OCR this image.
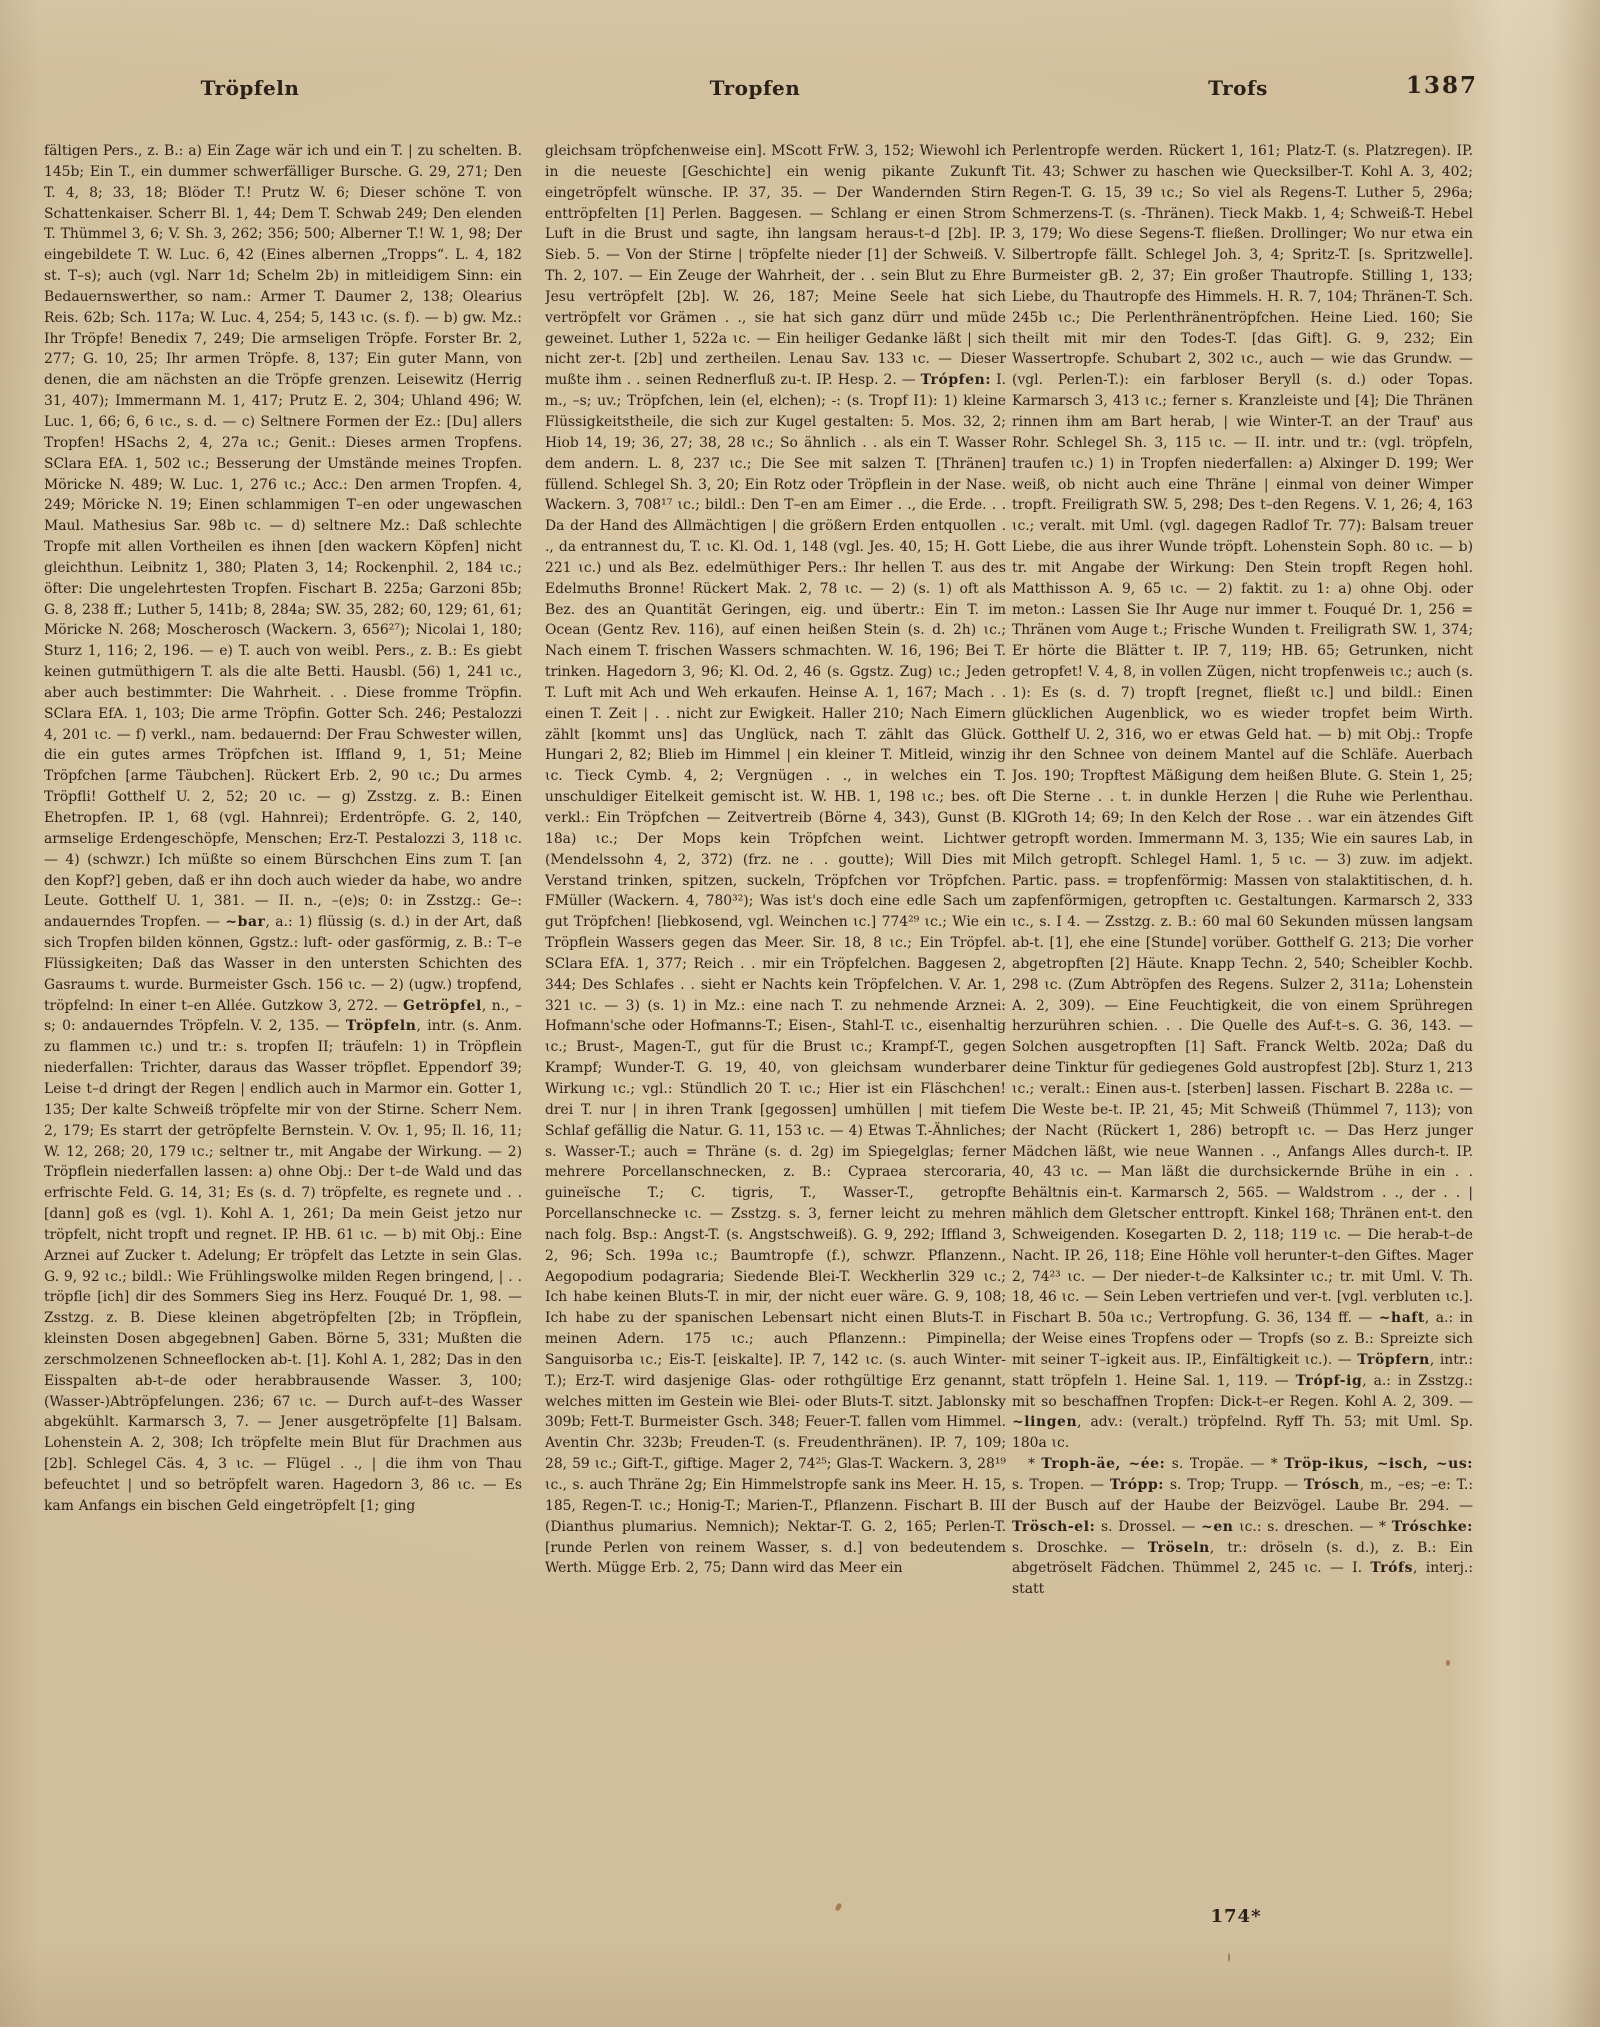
Tröpfeln	Tropfen	Trofs	1387

fältigen Pers., z. B.: a) Ein Zage wär ich und ein T. | zu schelten. B. 145b; Ein T., ein dummer schwerfälliger Bursche. G. 29, 271; Den T. 4, 8; 33, 18; Blöder T.! Prutz W. 6; Dieser schöne T. von Schattenkaiser. Scherr Bl. 1, 44; Dem T. Schwab 249; Den elenden T. Thümmel 3, 6; V. Sh. 3, 262; 356; 500; Alberner T.! W. 1, 98; Der eingebildete T. W. Luc. 6, 42 (Eines albernen „Tropps“. L. 4, 182 st. T–s); auch (vgl. Narr 1d; Schelm 2b) in mitleidigem Sinn: ein Bedauernswerther, so nam.: Armer T. Daumer 2, 138; Olearius Reis. 62b; Sch. 117a; W. Luc. 4, 254; 5, 143 ɩc. (s. f). — b) gw. Mz.: Ihr Tröpfe! Benedix 7, 249; Die armseligen Tröpfe. Forster Br. 2, 277; G. 10, 25; Ihr armen Tröpfe. 8, 137; Ein guter Mann, von denen, die am nächsten an die Tröpfe grenzen. Leisewitz (Herrig 31, 407); Immermann M. 1, 417; Prutz E. 2, 304; Uhland 496; W. Luc. 1, 66; 6, 6 ɩc., s. d. — c) Seltnere Formen der Ez.: [Du] allers Tropfen! HSachs 2, 4, 27a ɩc.; Genit.: Dieses armen Tropfens. SClara EfA. 1, 502 ɩc.; Besserung der Umstände meines Tropfen. Möricke N. 489; W. Luc. 1, 276 ɩc.; Acc.: Den armen Tropfen. 4, 249; Möricke N. 19; Einen schlammigen T–en oder ungewaschen Maul. Mathesius Sar. 98b ɩc. — d) seltnere Mz.: Daß schlechte Tropfe mit allen Vortheilen es ihnen [den wackern Köpfen] nicht gleichthun. Leibnitz 1, 380; Platen 3, 14; Rockenphil. 2, 184 ɩc.; öfter: Die ungelehrtesten Tropfen. Fischart B. 225a; Garzoni 85b; G. 8, 238 ff.; Luther 5, 141b; 8, 284a; SW. 35, 282; 60, 129; 61, 61; Möricke N. 268; Moscherosch (Wackern. 3, 656²⁷); Nicolai 1, 180; Sturz 1, 116; 2, 196. — e) T. auch von weibl. Pers., z. B.: Es giebt keinen gutmüthigern T. als die alte Betti. Hausbl. (56) 1, 241 ɩc., aber auch bestimmter: Die Wahrheit. . . Diese fromme Tröpfin. SClara EfA. 1, 103; Die arme Tröpfin. Gotter Sch. 246; Pestalozzi 4, 201 ɩc. — f) verkl., nam. bedauernd: Der Frau Schwester willen, die ein gutes armes Tröpfchen ist. Iffland 9, 1, 51; Meine Tröpfchen [arme Täubchen]. Rückert Erb. 2, 90 ɩc.; Du armes Tröpfli! Gotthelf U. 2, 52; 20 ɩc. — g) Zsstzg. z. B.: Einen Ehetropfen. IP. 1, 68 (vgl. Hahnrei); Erdentröpfe. G. 2, 140, armselige Erdengeschöpfe, Menschen; Erz-T. Pestalozzi 3, 118 ɩc. — 4) (schwzr.) Ich müßte so einem Bürschchen Eins zum T. [an den Kopf?] geben, daß er ihn doch auch wieder da habe, wo andre Leute. Gotthelf U. 1, 381. — II. n., –(e)s; 0: in Zsstzg.: Ge–: andauerndes Tropfen. — ~bar, a.: 1) flüssig (s. d.) in der Art, daß sich Tropfen bilden können, Ggstz.: luft- oder gasförmig, z. B.: T–e Flüssigkeiten; Daß das Wasser in den untersten Schichten des Gasraums t. wurde. Burmeister Gsch. 156 ɩc. — 2) (ugw.) tropfend, tröpfelnd: In einer t–en Allée. Gutzkow 3, 272. — Getröpfel, n., –s; 0: andauerndes Tröpfeln. V. 2, 135. — Tröpfeln, intr. (s. Anm. zu flammen ɩc.) und tr.: s. tropfen II; träufeln: 1) in Tröpflein niederfallen: Trichter, daraus das Wasser tröpflet. Eppendorf 39; Leise t–d dringt der Regen | endlich auch in Marmor ein. Gotter 1, 135; Der kalte Schweiß tröpfelte mir von der Stirne. Scherr Nem. 2, 179; Es starrt der getröpfelte Bernstein. V. Ov. 1, 95; Il. 16, 11; W. 12, 268; 20, 179 ɩc.; seltner tr., mit Angabe der Wirkung. — 2) Tröpflein niederfallen lassen: a) ohne Obj.: Der t–de Wald und das erfrischte Feld. G. 14, 31; Es (s. d. 7) tröpfelte, es regnete und . . [dann] goß es (vgl. 1). Kohl A. 1, 261; Da mein Geist jetzo nur tröpfelt, nicht tropft und regnet. IP. HB. 61 ɩc. — b) mit Obj.: Eine Arznei auf Zucker t. Adelung; Er tröpfelt das Letzte in sein Glas. G. 9, 92 ɩc.; bildl.: Wie Frühlingswolke milden Regen bringend, | . . tröpfle [ich] dir des Sommers Sieg ins Herz. Fouqué Dr. 1, 98. — Zsstzg. z. B. Diese kleinen abgetröpfelten [2b; in Tröpflein, kleinsten Dosen abgegebnen] Gaben. Börne 5, 331; Mußten die zerschmolzenen Schneeflocken ab-t. [1]. Kohl A. 1, 282; Das in den Eisspalten ab-t–de oder herabbrausende Wasser. 3, 100; (Wasser-)Abtröpfelungen. 236; 67 ɩc. — Durch auf-t–des Wasser abgekühlt. Karmarsch 3, 7. — Jener ausgetröpfelte [1] Balsam. Lohenstein A. 2, 308; Ich tröpfelte mein Blut für Drachmen aus [2b]. Schlegel Cäs. 4, 3 ɩc. — Flügel . ., | die ihm von Thau befeuchtet | und so betröpfelt waren. Hagedorn 3, 86 ɩc. — Es kam Anfangs ein bischen Geld eingetröpfelt [1; ging

gleichsam tröpfchenweise ein]. MScott FrW. 3, 152; Wiewohl ich in die neueste [Geschichte] ein wenig pikante Zukunft eingetröpfelt wünsche. IP. 37, 35. — Der Wandernden Stirn enttröpfelten [1] Perlen. Baggesen. — Schlang er einen Strom Luft in die Brust und sagte, ihn langsam heraus-t–d [2b]. IP. Sieb. 5. — Von der Stirne | tröpfelte nieder [1] der Schweiß. V. Th. 2, 107. — Ein Zeuge der Wahrheit, der . . sein Blut zu Ehre Jesu vertröpfelt [2b]. W. 26, 187; Meine Seele hat sich vertröpfelt vor Grämen . ., sie hat sich ganz dürr und müde geweinet. Luther 1, 522a ɩc. — Ein heiliger Gedanke läßt | sich nicht zer-t. [2b] und zertheilen. Lenau Sav. 133 ɩc. — Dieser mußte ihm . . seinen Rednerfluß zu-t. IP. Hesp. 2. — Trópfen: I. m., –s; uv.; Tröpfchen, lein (el, elchen); -: (s. Tropf I1): 1) kleine Flüssigkeitstheile, die sich zur Kugel gestalten: 5. Mos. 32, 2; Hiob 14, 19; 36, 27; 38, 28 ɩc.; So ähnlich . . als ein T. Wasser dem andern. L. 8, 237 ɩc.; Die See mit salzen T. [Thränen] füllend. Schlegel Sh. 3, 20; Ein Rotz oder Tröpflein in der Nase. Wackern. 3, 708¹⁷ ɩc.; bildl.: Den T–en am Eimer . ., die Erde. . . Da der Hand des Allmächtigen | die größern Erden entquollen . ., da entrannest du, T. ɩc. Kl. Od. 1, 148 (vgl. Jes. 40, 15; H. Gott 221 ɩc.) und als Bez. edelmüthiger Pers.: Ihr hellen T. aus des Edelmuths Bronne! Rückert Mak. 2, 78 ɩc. — 2) (s. 1) oft als Bez. des an Quantität Geringen, eig. und übertr.: Ein T. im Ocean (Gentz Rev. 116), auf einen heißen Stein (s. d. 2h) ɩc.; Nach einem T. frischen Wassers schmachten. W. 16, 196; Bei T. trinken. Hagedorn 3, 96; Kl. Od. 2, 46 (s. Ggstz. Zug) ɩc.; Jeden T. Luft mit Ach und Weh erkaufen. Heinse A. 1, 167; Mach . . einen T. Zeit | . . nicht zur Ewigkeit. Haller 210; Nach Eimern zählt [kommt uns] das Unglück, nach T. zählt das Glück. Hungari 2, 82; Blieb im Himmel | ein kleiner T. Mitleid, winzig ɩc. Tieck Cymb. 4, 2; Vergnügen . ., in welches ein T. unschuldiger Eitelkeit gemischt ist. W. HB. 1, 198 ɩc.; bes. oft verkl.: Ein Tröpfchen — Zeitvertreib (Börne 4, 343), Gunst (B. 18a) ɩc.; Der Mops kein Tröpfchen weint. Lichtwer (Mendelssohn 4, 2, 372) (frz. ne . . goutte); Will Dies mit Verstand trinken, spitzen, suckeln, Tröpfchen vor Tröpfchen. FMüller (Wackern. 4, 780³²); Was ist's doch eine edle Sach um gut Tröpfchen! [liebkosend, vgl. Weinchen ɩc.] 774²⁹ ɩc.; Wie ein Tröpflein Wassers gegen das Meer. Sir. 18, 8 ɩc.; Ein Tröpfel. SClara EfA. 1, 377; Reich . . mir ein Tröpfelchen. Baggesen 2, 344; Des Schlafes . . sieht er Nachts kein Tröpfelchen. V. Ar. 1, 321 ɩc. — 3) (s. 1) in Mz.: eine nach T. zu nehmende Arznei: Hofmann'sche oder Hofmanns-T.; Eisen-, Stahl-T. ɩc., eisenhaltig ɩc.; Brust-, Magen-T., gut für die Brust ɩc.; Krampf-T., gegen Krampf; Wunder-T. G. 19, 40, von gleichsam wunderbarer Wirkung ɩc.; vgl.: Stündlich 20 T. ɩc.; Hier ist ein Fläschchen! drei T. nur | in ihren Trank [gegossen] umhüllen | mit tiefem Schlaf gefällig die Natur. G. 11, 153 ɩc. — 4) Etwas T.-Ähnliches; s. Wasser-T.; auch = Thräne (s. d. 2g) im Spiegelglas; ferner mehrere Porcellanschnecken, z. B.: Cypraea stercoraria, guineïsche T.; C. tigris, T., Wasser-T., getropfte Porcellanschnecke ɩc. — Zsstzg. s. 3, ferner leicht zu mehren nach folg. Bsp.: Angst-T. (s. Angstschweiß). G. 9, 292; Iffland 3, 2, 96; Sch. 199a ɩc.; Baumtropfe (f.), schwzr. Pflanzenn., Aegopodium podagraria; Siedende Blei-T. Weckherlin 329 ɩc.; Ich habe keinen Bluts-T. in mir, der nicht euer wäre. G. 9, 108; Ich habe zu der spanischen Lebensart nicht einen Bluts-T. in meinen Adern. 175 ɩc.; auch Pflanzenn.: Pimpinella; Sanguisorba ɩc.; Eis-T. [eiskalte]. IP. 7, 142 ɩc. (s. auch Winter-T.); Erz-T. wird dasjenige Glas- oder rothgültige Erz genannt, welches mitten im Gestein wie Blei- oder Bluts-T. sitzt. Jablonsky 309b; Fett-T. Burmeister Gsch. 348; Feuer-T. fallen vom Himmel. Aventin Chr. 323b; Freuden-T. (s. Freudenthränen). IP. 7, 109; 28, 59 ɩc.; Gift-T., giftige. Mager 2, 74²⁵; Glas-T. Wackern. 3, 28¹⁹ ɩc., s. auch Thräne 2g; Ein Himmelstropfe sank ins Meer. H. 15, 185, Regen-T. ɩc.; Honig-T.; Marien-T., Pflanzenn. Fischart B. III (Dianthus plumarius. Nemnich); Nektar-T. G. 2, 165; Perlen-T. [runde Perlen von reinem Wasser, s. d.] von bedeutendem Werth. Mügge Erb. 2, 75; Dann wird das Meer ein

Perlentropfe werden. Rückert 1, 161; Platz-T. (s. Platzregen). IP. Tit. 43; Schwer zu haschen wie Quecksilber-T. Kohl A. 3, 402; Regen-T. G. 15, 39 ɩc.; So viel als Regens-T. Luther 5, 296a; Schmerzens-T. (s. -Thränen). Tieck Makb. 1, 4; Schweiß-T. Hebel 3, 179; Wo diese Segens-T. fließen. Drollinger; Wo nur etwa ein Silbertropfe fällt. Schlegel Joh. 3, 4; Spritz-T. [s. Spritzwelle]. Burmeister gB. 2, 37; Ein großer Thautropfe. Stilling 1, 133; Liebe, du Thautropfe des Himmels. H. R. 7, 104; Thränen-T. Sch. 245b ɩc.; Die Perlenthränentröpfchen. Heine Lied. 160; Sie theilt mit mir den Todes-T. [das Gift]. G. 9, 232; Ein Wassertropfe. Schubart 2, 302 ɩc., auch — wie das Grundw. — (vgl. Perlen-T.): ein farbloser Beryll (s. d.) oder Topas. Karmarsch 3, 413 ɩc.; ferner s. Kranzleiste und [4]; Die Thränen rinnen ihm am Bart herab, | wie Winter-T. an der Trauf' aus Rohr. Schlegel Sh. 3, 115 ɩc. — II. intr. und tr.: (vgl. tröpfeln, traufen ɩc.) 1) in Tropfen niederfallen: a) Alxinger D. 199; Wer weiß, ob nicht auch eine Thräne | einmal von deiner Wimper tropft. Freiligrath SW. 5, 298; Des t–den Regens. V. 1, 26; 4, 163 ɩc.; veralt. mit Uml. (vgl. dagegen Radlof Tr. 77): Balsam treuer Liebe, die aus ihrer Wunde tröpft. Lohenstein Soph. 80 ɩc. — b) tr. mit Angabe der Wirkung: Den Stein tropft Regen hohl. Matthisson A. 9, 65 ɩc. — 2) faktit. zu 1: a) ohne Obj. oder meton.: Lassen Sie Ihr Auge nur immer t. Fouqué Dr. 1, 256 = Thränen vom Auge t.; Frische Wunden t. Freiligrath SW. 1, 374; Er hörte die Blätter t. IP. 7, 119; HB. 65; Getrunken, nicht getropfet! V. 4, 8, in vollen Zügen, nicht tropfenweis ɩc.; auch (s. 1): Es (s. d. 7) tropft [regnet, fließt ɩc.] und bildl.: Einen glücklichen Augenblick, wo es wieder tropfet beim Wirth. Gotthelf U. 2, 316, wo er etwas Geld hat. — b) mit Obj.: Tropfe ihr den Schnee von deinem Mantel auf die Schläfe. Auerbach Jos. 190; Tropftest Mäßigung dem heißen Blute. G. Stein 1, 25; Die Sterne . . t. in dunkle Herzen | die Ruhe wie Perlenthau. KlGroth 14; 69; In den Kelch der Rose . . war ein ätzendes Gift getropft worden. Immermann M. 3, 135; Wie ein saures Lab, in Milch getropft. Schlegel Haml. 1, 5 ɩc. — 3) zuw. im adjekt. Partic. pass. = tropfenförmig: Massen von stalaktitischen, d. h. zapfenförmigen, getropften ɩc. Gestaltungen. Karmarsch 2, 333 ɩc., s. I 4. — Zsstzg. z. B.: 60 mal 60 Sekunden müssen langsam ab-t. [1], ehe eine [Stunde] vorüber. Gotthelf G. 213; Die vorher abgetropften [2] Häute. Knapp Techn. 2, 540; Scheibler Kochb. 298 ɩc. (Zum Abtröpfen des Regens. Sulzer 2, 311a; Lohenstein A. 2, 309). — Eine Feuchtigkeit, die von einem Sprühregen herzurühren schien. . . Die Quelle des Auf-t–s. G. 36, 143. — Solchen ausgetropften [1] Saft. Franck Weltb. 202a; Daß du deine Tinktur für gediegenes Gold austropfest [2b]. Sturz 1, 213 ɩc.; veralt.: Einen aus-t. [sterben] lassen. Fischart B. 228a ɩc. — Die Weste be-t. IP. 21, 45; Mit Schweiß (Thümmel 7, 113); von der Nacht (Rückert 1, 286) betropft ɩc. — Das Herz junger Mädchen läßt, wie neue Wannen . ., Anfangs Alles durch-t. IP. 40, 43 ɩc. — Man läßt die durchsickernde Brühe in ein . . Behältnis ein-t. Karmarsch 2, 565. — Waldstrom . ., der . . | mählich dem Gletscher enttropft. Kinkel 168; Thränen ent-t. den Schweigenden. Kosegarten D. 2, 118; 119 ɩc. — Die herab-t–de Nacht. IP. 26, 118; Eine Höhle voll herunter-t–den Giftes. Mager 2, 74²³ ɩc. — Der nieder-t–de Kalksinter ɩc.; tr. mit Uml. V. Th. 18, 46 ɩc. — Sein Leben vertriefen und ver-t. [vgl. verbluten ɩc.]. Fischart B. 50a ɩc.; Vertropfung. G. 36, 134 ff. — ~haft, a.: in der Weise eines Tropfens oder — Tropfs (so z. B.: Spreizte sich mit seiner T–igkeit aus. IP., Einfältigkeit ɩc.). — Tröpfern, intr.: statt tröpfeln 1. Heine Sal. 1, 119. — Trópf-ig, a.: in Zsstzg.: mit so beschaffnen Tropfen: Dick-t–er Regen. Kohl A. 2, 309. — ~lingen, adv.: (veralt.) tröpfelnd. Ryff Th. 53; mit Uml. Sp. 180a ɩc.

* Troph-äe, ~ée: s. Tropäe. — * Tröp-ikus, ~isch, ~us: s. Tropen. — Trópp: s. Trop; Trupp. — Trósch, m., –es; –e: T.: der Busch auf der Haube der Beizvögel. Laube Br. 294. — Trösch-el: s. Drossel. — ~en ɩc.: s. dreschen. — * Tróschke: s. Droschke. — Tröseln, tr.: dröseln (s. d.), z. B.: Ein abgetröselt Fädchen. Thümmel 2, 245 ɩc. — I. Trófs, interj.: statt

174*
